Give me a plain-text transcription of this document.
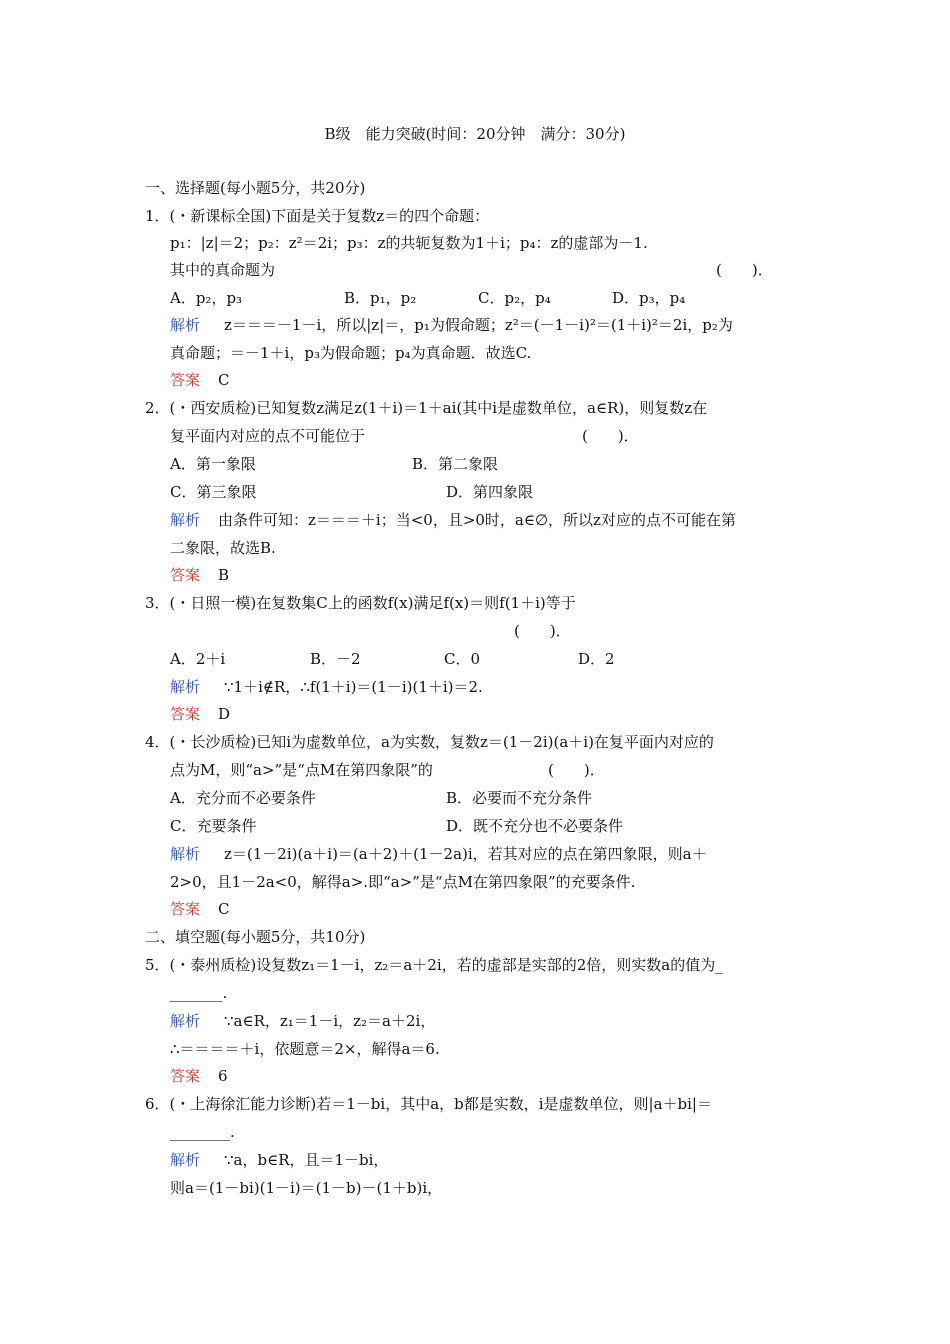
B级　能力突破(时间：20分钟　满分：30分)
一、选择题(每小题5分，共20分)
1．(・新课标全国)下面是关于复数z＝的四个命题：
p₁：|z|＝2；p₂：z²＝2i；p₃：z的共轭复数为1＋i；p₄：z的虚部为－1.
其中的真命题为	(　　)．
A．p₂，p₃	B．p₁，p₂	C．p₂，p₄	D．p₃，p₄
解析 z＝＝＝－1－i，所以|z|＝，p₁为假命题；z²＝(－1－i)²＝(1＋i)²＝2i，p₂为
真命题；＝－1＋i，p₃为假命题；p₄为真命题．故选C.
答案 C
2．(・西安质检)已知复数z满足z(1＋i)＝1＋ai(其中i是虚数单位，a∈R)，则复数z在
复平面内对应的点不可能位于	(　　)．
A．第一象限	B．第二象限
C．第三象限	D．第四象限
解析 由条件可知：z＝＝＝＋i；当<0，且>0时，a∈∅，所以z对应的点不可能在第
二象限，故选B.
答案 B
3．(・日照一模)在复数集C上的函数f(x)满足f(x)＝则f(1＋i)等于
(　　)．
A．2＋i	B．－2	C．0	D．2
解析 ∵1＋i∉R，∴f(1＋i)＝(1－i)(1＋i)＝2.
答案 D
4．(・长沙质检)已知i为虚数单位，a为实数，复数z＝(1－2i)(a＋i)在复平面内对应的
点为M，则“a>”是“点M在第四象限”的	(　　)．
A．充分而不必要条件	B．必要而不充分条件
C．充要条件	D．既不充分也不必要条件
解析 z＝(1－2i)(a＋i)＝(a＋2)＋(1－2a)i，若其对应的点在第四象限，则a＋
2>0，且1－2a<0，解得a>.即“a>”是“点M在第四象限”的充要条件.
答案 C
二、填空题(每小题5分，共10分)
5．(・泰州质检)设复数z₁＝1－i，z₂＝a＋2i，若的虚部是实部的2倍，则实数a的值为_
_______.
解析 ∵a∈R，z₁＝1－i，z₂＝a＋2i，
∴＝＝＝＝＋i，依题意＝2×，解得a＝6.
答案 6
6．(・上海徐汇能力诊断)若＝1－bi，其中a，b都是实数，i是虚数单位，则|a＋bi|＝
________.
解析 ∵a，b∈R，且＝1－bi，
则a＝(1－bi)(1－i)＝(1－b)－(1＋b)i，
